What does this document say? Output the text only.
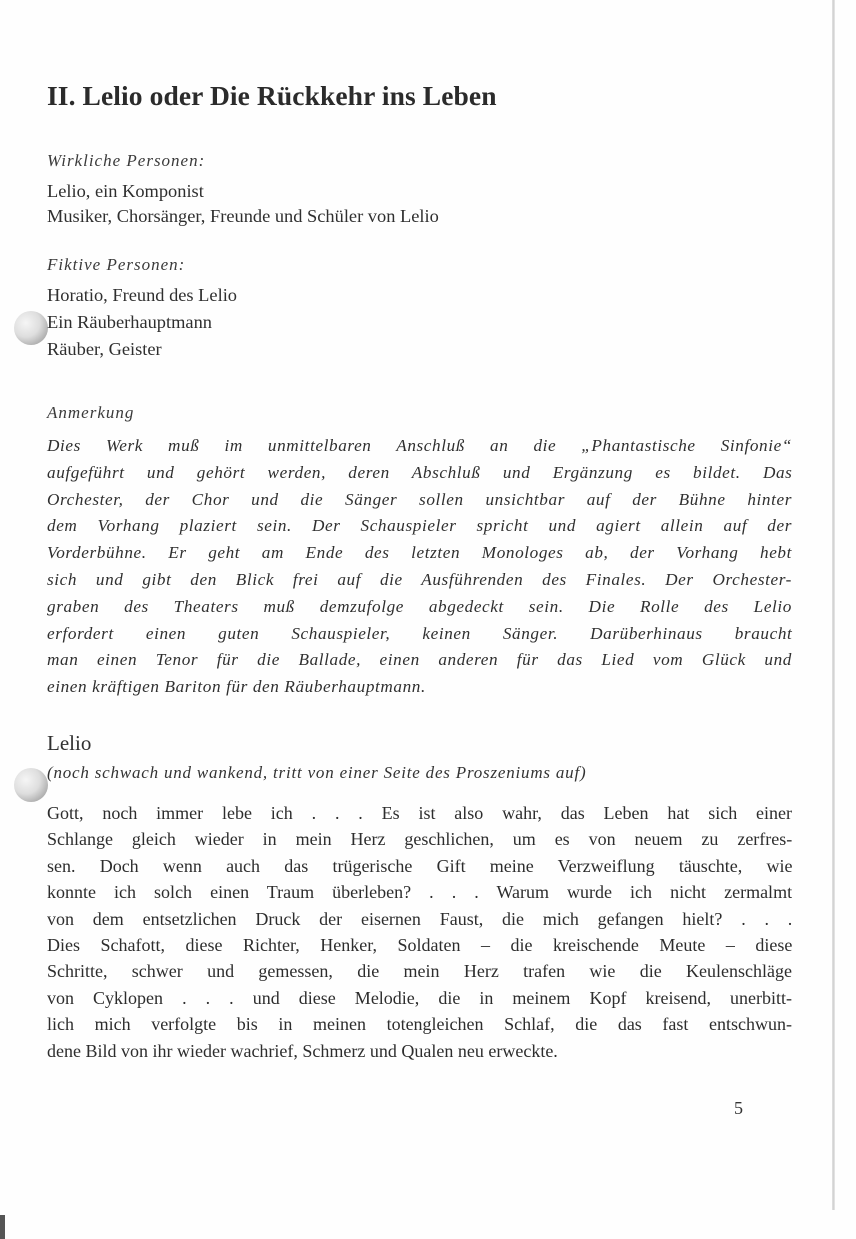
II. Lelio oder Die Rückkehr ins Leben
Wirkliche Personen:
Lelio, ein Komponist
Musiker, Chorsänger, Freunde und Schüler von Lelio
Fiktive Personen:
Horatio, Freund des Lelio
Ein Räuberhauptmann
Räuber, Geister
Anmerkung
Dies Werk muß im unmittelbaren Anschluß an die „Phantastische Sinfonie“
aufgeführt und gehört werden, deren Abschluß und Ergänzung es bildet. Das
Orchester, der Chor und die Sänger sollen unsichtbar auf der Bühne hinter
dem Vorhang plaziert sein. Der Schauspieler spricht und agiert allein auf der
Vorderbühne. Er geht am Ende des letzten Monologes ab, der Vorhang hebt
sich und gibt den Blick frei auf die Ausführenden des Finales. Der Orchester-
graben des Theaters muß demzufolge abgedeckt sein. Die Rolle des Lelio
erfordert einen guten Schauspieler, keinen Sänger. Darüberhinaus braucht
man einen Tenor für die Ballade, einen anderen für das Lied vom Glück und
einen kräftigen Bariton für den Räuberhauptmann.
Lelio
(noch schwach und wankend, tritt von einer Seite des Proszeniums auf)
Gott, noch immer lebe ich . . . Es ist also wahr, das Leben hat sich einer
Schlange gleich wieder in mein Herz geschlichen, um es von neuem zu zerfres-
sen. Doch wenn auch das trügerische Gift meine Verzweiflung täuschte, wie
konnte ich solch einen Traum überleben? . . . Warum wurde ich nicht zermalmt
von dem entsetzlichen Druck der eisernen Faust, die mich gefangen hielt? . . .
Dies Schafott, diese Richter, Henker, Soldaten – die kreischende Meute – diese
Schritte, schwer und gemessen, die mein Herz trafen wie die Keulenschläge
von Cyklopen . . . und diese Melodie, die in meinem Kopf kreisend, unerbitt-
lich mich verfolgte bis in meinen totengleichen Schlaf, die das fast entschwun-
dene Bild von ihr wieder wachrief, Schmerz und Qualen neu erweckte.
5
